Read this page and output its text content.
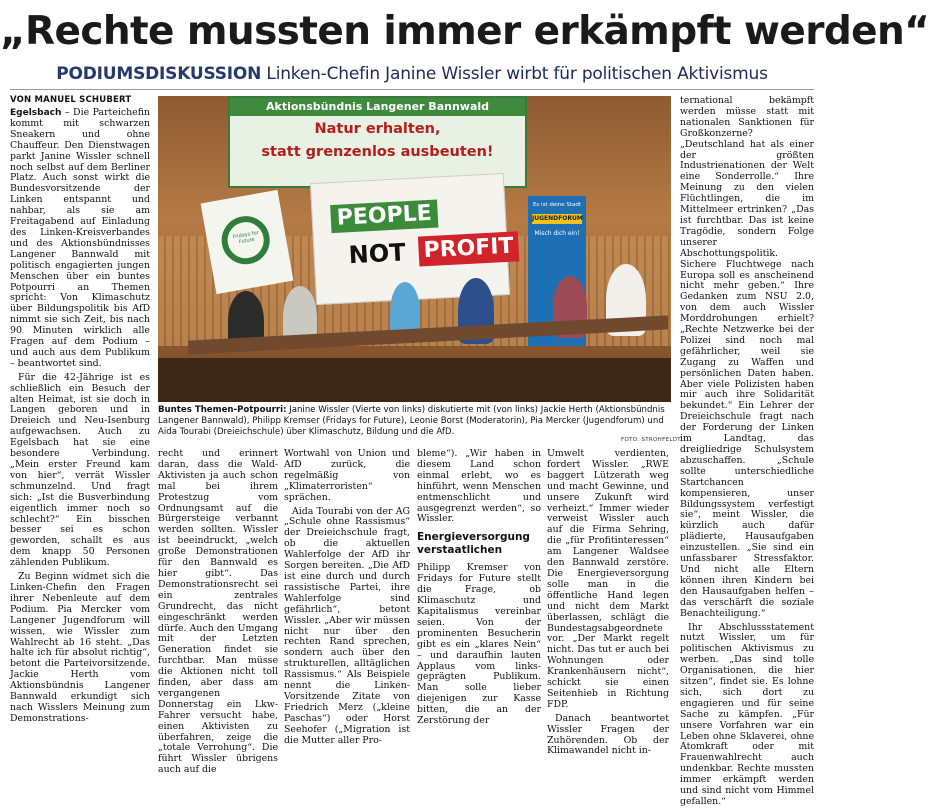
„Rechte mussten immer erkämpft werden“
PODIUMSDISKUSSION Linken-Chefin Janine Wissler wirbt für politischen Aktivismus
VON MANUEL SCHUBERT

Egelsbach – Die Parteichefin kommt mit schwarzen Sneakern und ohne Chauffeur. Den Dienstwagen parkt Janine Wissler schnell noch selbst auf dem Berliner Platz. Auch sonst wirkt die Bundesvorsitzende der Linken entspannt und nahbar, als sie am Freitagabend auf Einladung des Linken-Kreisverbandes und des Aktionsbündnisses Langener Bannwald mit politisch engagierten jungen Menschen über ein buntes Potpourri an Themen spricht: Von Klimaschutz über Bildungspolitik bis AfD nimmt sie sich Zeit, bis nach 90 Minuten wirklich alle Fragen auf dem Podium – und auch aus dem Publikum – beantwortet sind.

Für die 42-Jährige ist es schließlich ein Besuch der alten Heimat, ist sie doch in Langen geboren und in Dreieich und Neu-Isenburg aufgewachsen. Auch zu Egelsbach hat sie eine besondere Verbindung. „Mein erster Freund kam von hier“, verrät Wissler schmunzelnd. Und fragt sich: „Ist die Busverbindung eigentlich immer noch so schlecht?“ Ein bisschen besser sei es schon geworden, schallt es aus dem knapp 50 Personen zählenden Publikum.

Zu Beginn widmet sich die Linken-Chefin den Fragen ihrer Nebenleute auf dem Podium. Pia Mercker vom Langener Jugendforum will wissen, wie Wissler zum Wahlrecht ab 16 steht. „Das halte ich für absolut richtig“, betont die Parteivorsitzende. Jackie Herth vom Aktionsbündnis Langener Bannwald erkundigt sich nach Wisslers Meinung zum Demonstrations-

Aktionsbündnis Langener Bannwald
Natur erhalten,
statt grenzenlos ausbeuten!
Fridays for Future
PEOPLE
NOT PROFIT
Es ist deine Stadt
JUGENDFORUM
Misch dich ein!
Buntes Themen-Potpourri: Janine Wissler (Vierte von links) diskutierte mit (von links) Jackie Herth (Aktionsbündnis Langener Bannwald), Philipp Kremser (Fridays for Future), Leonie Borst (Moderatorin), Pia Mercker (Jugendforum) und Aida Tourabi (Dreieichschule) über Klimaschutz, Bildung und die AfD.
FOTO: STROHFELDT

recht und erinnert daran, dass die Wald-Aktivisten ja auch schon mal bei ihrem Protestzug vom Ordnungsamt auf die Bürgersteige verbannt werden sollten. Wissler ist beeindruckt, „welch große Demonstrationen für den Bannwald es hier gibt“. Das Demonstrationsrecht sei ein zentrales Grundrecht, das nicht eingeschränkt werden dürfe. Auch den Umgang mit der Letzten Generation findet sie furchtbar. Man müsse die Aktionen nicht toll finden, aber dass am vergangenen Donnerstag ein Lkw-Fahrer versucht habe, einen Aktivisten zu überfahren, zeige die „totale Verrohung“. Die führt Wissler übrigens auch auf die

Wortwahl von Union und AfD zurück, die regelmäßig von „Klimaterroristen“ sprächen.

Aida Tourabi von der AG „Schule ohne Rassismus“ der Dreieichschule fragt, ob die aktuellen Wahlerfolge der AfD ihr Sorgen bereiten. „Die AfD ist eine durch und durch rassistische Partei, ihre Wahlerfolge sind gefährlich“, betont Wissler. „Aber wir müssen nicht nur über den rechten Rand sprechen, sondern auch über den strukturellen, alltäglichen Rassismus.“ Als Beispiele nennt die Linken-Vorsitzende Zitate von Friedrich Merz („kleine Paschas“) oder Horst Seehofer („Migration ist die Mutter aller Pro-

bleme“). „Wir haben in diesem Land schon einmal erlebt, wo es hinführt, wenn Menschen entmenschlicht und ausgegrenzt werden“, so Wissler.

Energieversorgung
verstaatlichen

Philipp Kremser von Fridays for Future stellt die Frage, ob Klimaschutz und Kapitalismus vereinbar seien. Von der prominenten Besucherin gibt es ein „klares Nein“ – und daraufhin lauten Applaus vom links-geprägten Publikum. Man solle lieber diejenigen zur Kasse bitten, die an der Zerstörung der

Umwelt verdienten, fordert Wissler. „RWE baggert Lützerath weg und macht Gewinne, und unsere Zukunft wird verheizt.“ Immer wieder verweist Wissler auch auf die Firma Sehring, die „für Profitinteressen“ am Langener Waldsee den Bannwald zerstöre. Die Energieversorgung solle man in die öffentliche Hand legen und nicht dem Markt überlassen, schlägt die Bundestagsabgeordnete vor. „Der Markt regelt nicht. Das tut er auch bei Wohnungen oder Krankenhäusern nicht“, schickt sie einen Seitenhieb in Richtung FDP.

Danach beantwortet Wissler Fragen der Zuhörenden. Ob der Klimawandel nicht in-

ternational bekämpft werden müsse statt mit nationalen Sanktionen für Großkonzerne? „Deutschland hat als einer der größten Industrienationen der Welt eine Sonderrolle.“ Ihre Meinung zu den vielen Flüchtlingen, die im Mittelmeer ertrinken? „Das ist furchtbar. Das ist keine Tragödie, sondern Folge unserer Abschottungspolitik. Sichere Fluchtwege nach Europa soll es anscheinend nicht mehr geben.“ Ihre Gedanken zum NSU 2.0, von dem auch Wissler Morddrohungen erhielt? „Rechte Netzwerke bei der Polizei sind noch mal gefährlicher, weil sie Zugang zu Waffen und persönlichen Daten haben. Aber viele Polizisten haben mir auch ihre Solidarität bekundet.“ Ein Lehrer der Dreieichschule fragt nach der Forderung der Linken im Landtag, das dreigliedrige Schulsystem abzuschaffen. „Schule sollte unterschiedliche Startchancen kompensieren, unser Bildungssystem verfestigt sie“, meint Wissler, die kürzlich auch dafür plädierte, Hausaufgaben einzustellen. „Sie sind ein unfassbarer Stressfaktor. Und nicht alle Eltern können ihren Kindern bei den Hausaufgaben helfen – das verschärft die soziale Benachteiligung.“

Ihr Abschlussstatement nutzt Wissler, um für politischen Aktivismus zu werben. „Das sind tolle Organisationen, die hier sitzen“, findet sie. Es lohne sich, sich dort zu engagieren und für seine Sache zu kämpfen. „Für unsere Vorfahren war ein Leben ohne Sklaverei, ohne Atomkraft oder mit Frauenwahlrecht auch undenkbar. Rechte mussten immer erkämpft werden und sind nicht vom Himmel gefallen.“
